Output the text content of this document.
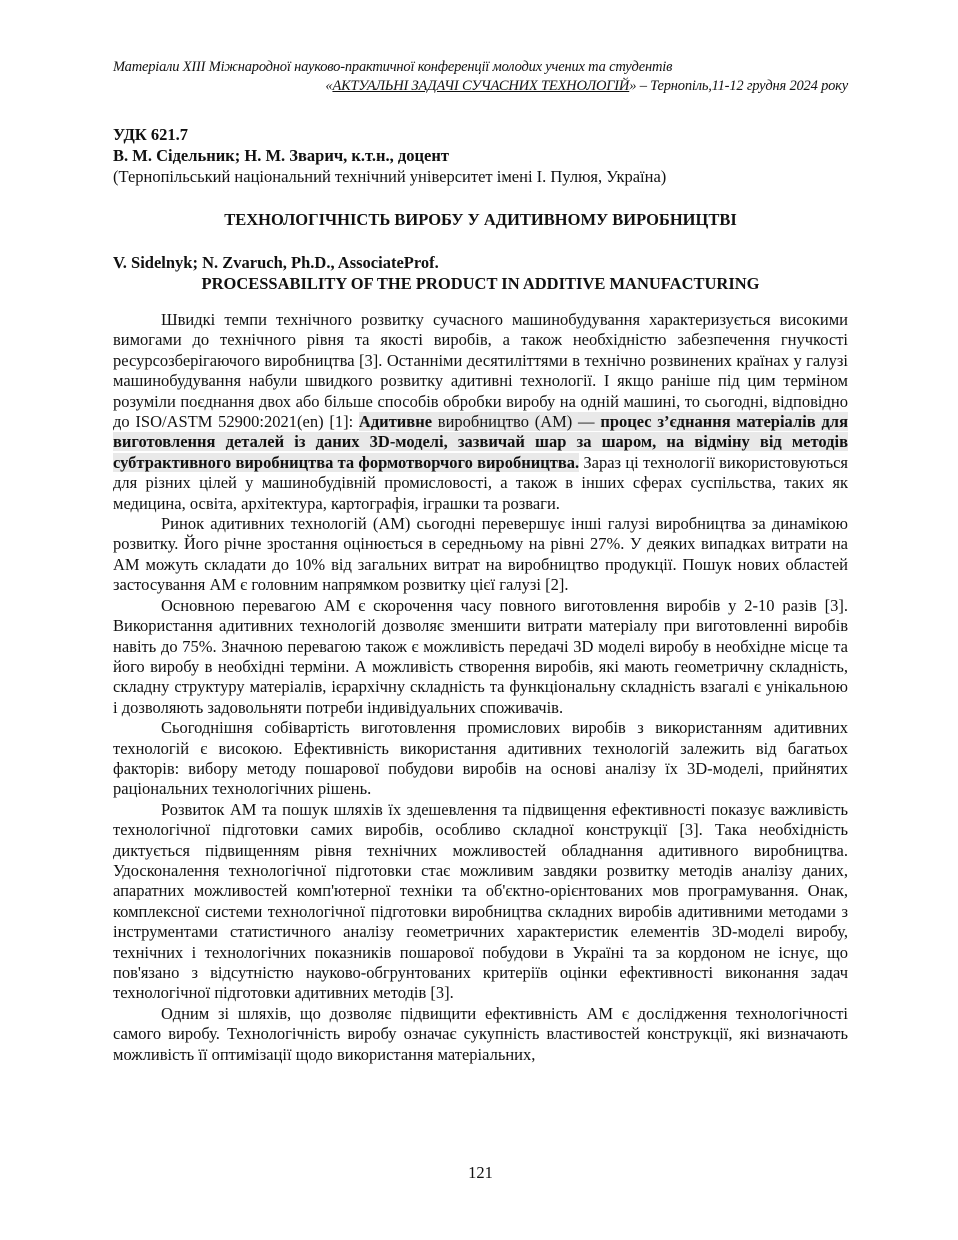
Матеріали XIII Міжнародної науково-практичної конференції молодих учених та студентів
«АКТУАЛЬНІ ЗАДАЧІ СУЧАСНИХ ТЕХНОЛОГІЙ» – Тернопіль,11-12 грудня 2024 року
УДК 621.7
В. М. Сідельник; Н. М. Зварич, к.т.н., доцент
(Тернопільський національний технічний університет імені І. Пулюя, Україна)
ТЕХНОЛОГІЧНІСТЬ ВИРОБУ У АДИТИВНОМУ ВИРОБНИЦТВІ
V. Sidelnyk; N. Zvaruch, Ph.D., AssociateProf.
PROCESSABILITY OF THE PRODUCT IN ADDITIVE MANUFACTURING

Швидкі темпи технічного розвитку сучасного машинобудування характеризується високими вимогами до технічного рівня та якості виробів, а також необхідністю забезпечення гнучкості ресурсозберігаючого виробництва [3]. Останніми десятиліттями в технічно розвинених країнах у галузі машинобудування набули швидкого розвитку адитивні технології. І якщо раніше під цим терміном розуміли поєднання двох або більше способів обробки виробу на одній машині, то сьогодні, відповідно до ISO/ASTM 52900:2021(en) [1]: Адитивне виробництво (AM) — процес з’єднання матеріалів для виготовлення деталей із даних 3D-моделі, зазвичай шар за шаром, на відміну від методів субтрактивного виробництва та формотворчого виробництва. Зараз ці технології використовуються для різних цілей у машинобудівній промисловості, а також в інших сферах суспільства, таких як медицина, освіта, архітектура, картографія, іграшки та розваги.

Ринок адитивних технологій (AM) сьогодні перевершує інші галузі виробництва за динамікою розвитку. Його річне зростання оцінюється в середньому на рівні 27%. У деяких випадках витрати на AM можуть складати до 10% від загальних витрат на виробництво продукції. Пошук нових областей застосування AM є головним напрямком розвитку цієї галузі [2].

Основною перевагою AM є скорочення часу повного виготовлення виробів у 2-10 разів [3]. Використання адитивних технологій дозволяє зменшити витрати матеріалу при виготовленні виробів навіть до 75%. Значною перевагою також є можливість передачі 3D моделі виробу в необхідне місце та його виробу в необхідні терміни. А можливість створення виробів, які мають геометричну складність, складну структуру матеріалів, ієрархічну складність та функціональну складність взагалі є унікальною і дозволяють задовольняти потреби індивідуальних споживачів.

Сьогоднішня собівартість виготовлення промислових виробів з використанням адитивних технологій є високою. Ефективність використання адитивних технологій залежить від багатьох факторів: вибору методу пошарової побудови виробів на основі аналізу їх 3D-моделі, прийнятих раціональних технологічних рішень.

Розвиток AM та пошук шляхів їх здешевлення та підвищення ефективності показує важливість технологічної підготовки самих виробів, особливо складної конструкції [3]. Така необхідність диктується підвищенням рівня технічних можливостей обладнання адитивного виробництва. Удосконалення технологічної підготовки стає можливим завдяки розвитку методів аналізу даних, апаратних можливостей комп'ютерної техніки та об'єктно-орієнтованих мов програмування. Онак, комплексної системи технологічної підготовки виробництва складних виробів адитивними методами з інструментами статистичного аналізу геометричних характеристик елементів 3D-моделі виробу, технічних і технологічних показників пошарової побудови в Україні та за кордоном не існує, що пов'язано з відсутністю науково-обгрунтованих критеріїв оцінки ефективності виконання задач технологічної підготовки адитивних методів [3].

Одним зі шляхів, що дозволяє підвищити ефективність AM є дослідження технологічності самого виробу. Технологічність виробу означає сукупність властивостей конструкції, які визначають можливість її оптимізації щодо використання матеріальних,

121
